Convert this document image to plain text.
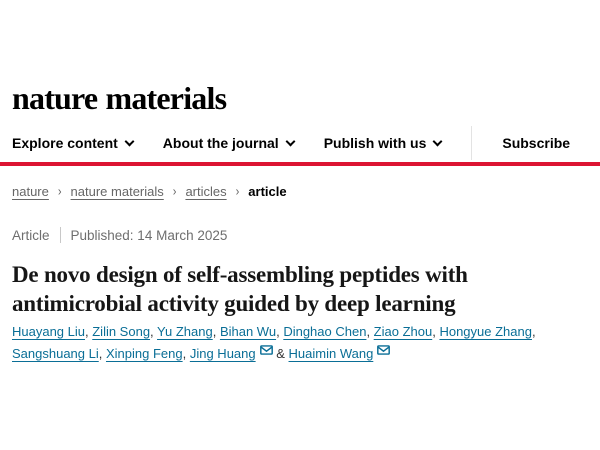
nature materials
Explore content	About the journal	Publish with us	Subscribe
nature › nature materials › articles › article
Article Published: 14 March 2025
De novo design of self-assembling peptides with antimicrobial activity guided by deep learning
Huayang Liu, Zilin Song, Yu Zhang, Bihan Wu, Dinghao Chen, Ziao Zhou, Hongyue Zhang, Sangshuang Li, Xinping Feng, Jing Huang & Huaimin Wang
